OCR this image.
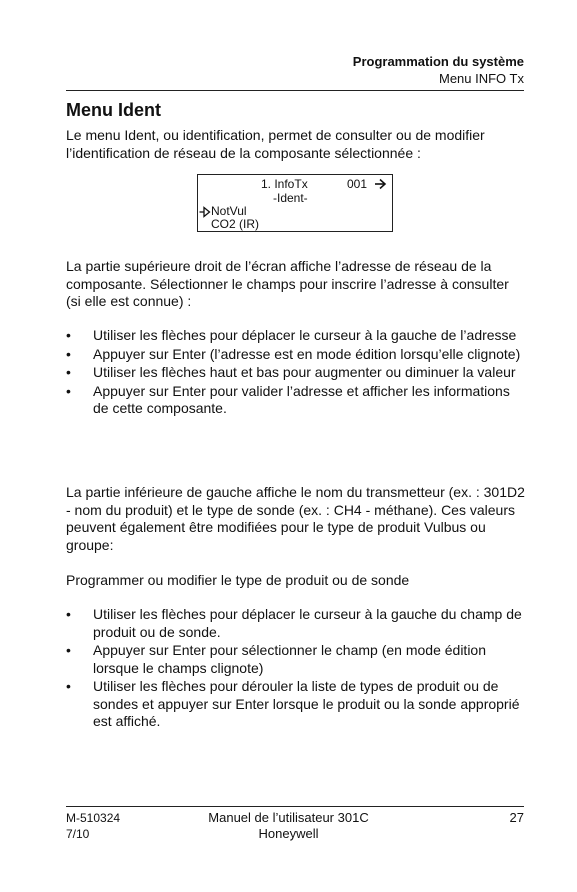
Programmation du système
Menu INFO Tx
Menu Ident
Le menu Ident, ou identification, permet de consulter ou de modifier l’identification de réseau de la composante sélectionnée :
1. InfoTx	001
-Ident-
NotVul
CO2 (IR)
La partie supérieure droit de l’écran affiche l’adresse de réseau de la composante. Sélectionner le champs pour inscrire l’adresse à consulter (si elle est connue) :
• Utiliser les flèches pour déplacer le curseur à la gauche de l’adresse
• Appuyer sur Enter (l’adresse est en mode édition lorsqu’elle clignote)
• Utiliser les flèches haut et bas pour augmenter ou diminuer la valeur
• Appuyer sur Enter pour valider l’adresse et afficher les informations de cette composante.
La partie inférieure de gauche affiche le nom du transmetteur (ex. : 301D2 - nom du produit) et le type de sonde (ex. : CH4 - méthane). Ces valeurs peuvent également être modifiées pour le type de produit Vulbus ou groupe:
Programmer ou modifier le type de produit ou de sonde
• Utiliser les flèches pour déplacer le curseur à la gauche du champ de produit ou de sonde.
• Appuyer sur Enter pour sélectionner le champ (en mode édition lorsque le champs clignote)
• Utiliser les flèches pour dérouler la liste de types de produit ou de sondes et appuyer sur Enter lorsque le produit ou la sonde approprié est affiché.
M-510324
7/10
Manuel de l’utilisateur 301C
Honeywell
27
